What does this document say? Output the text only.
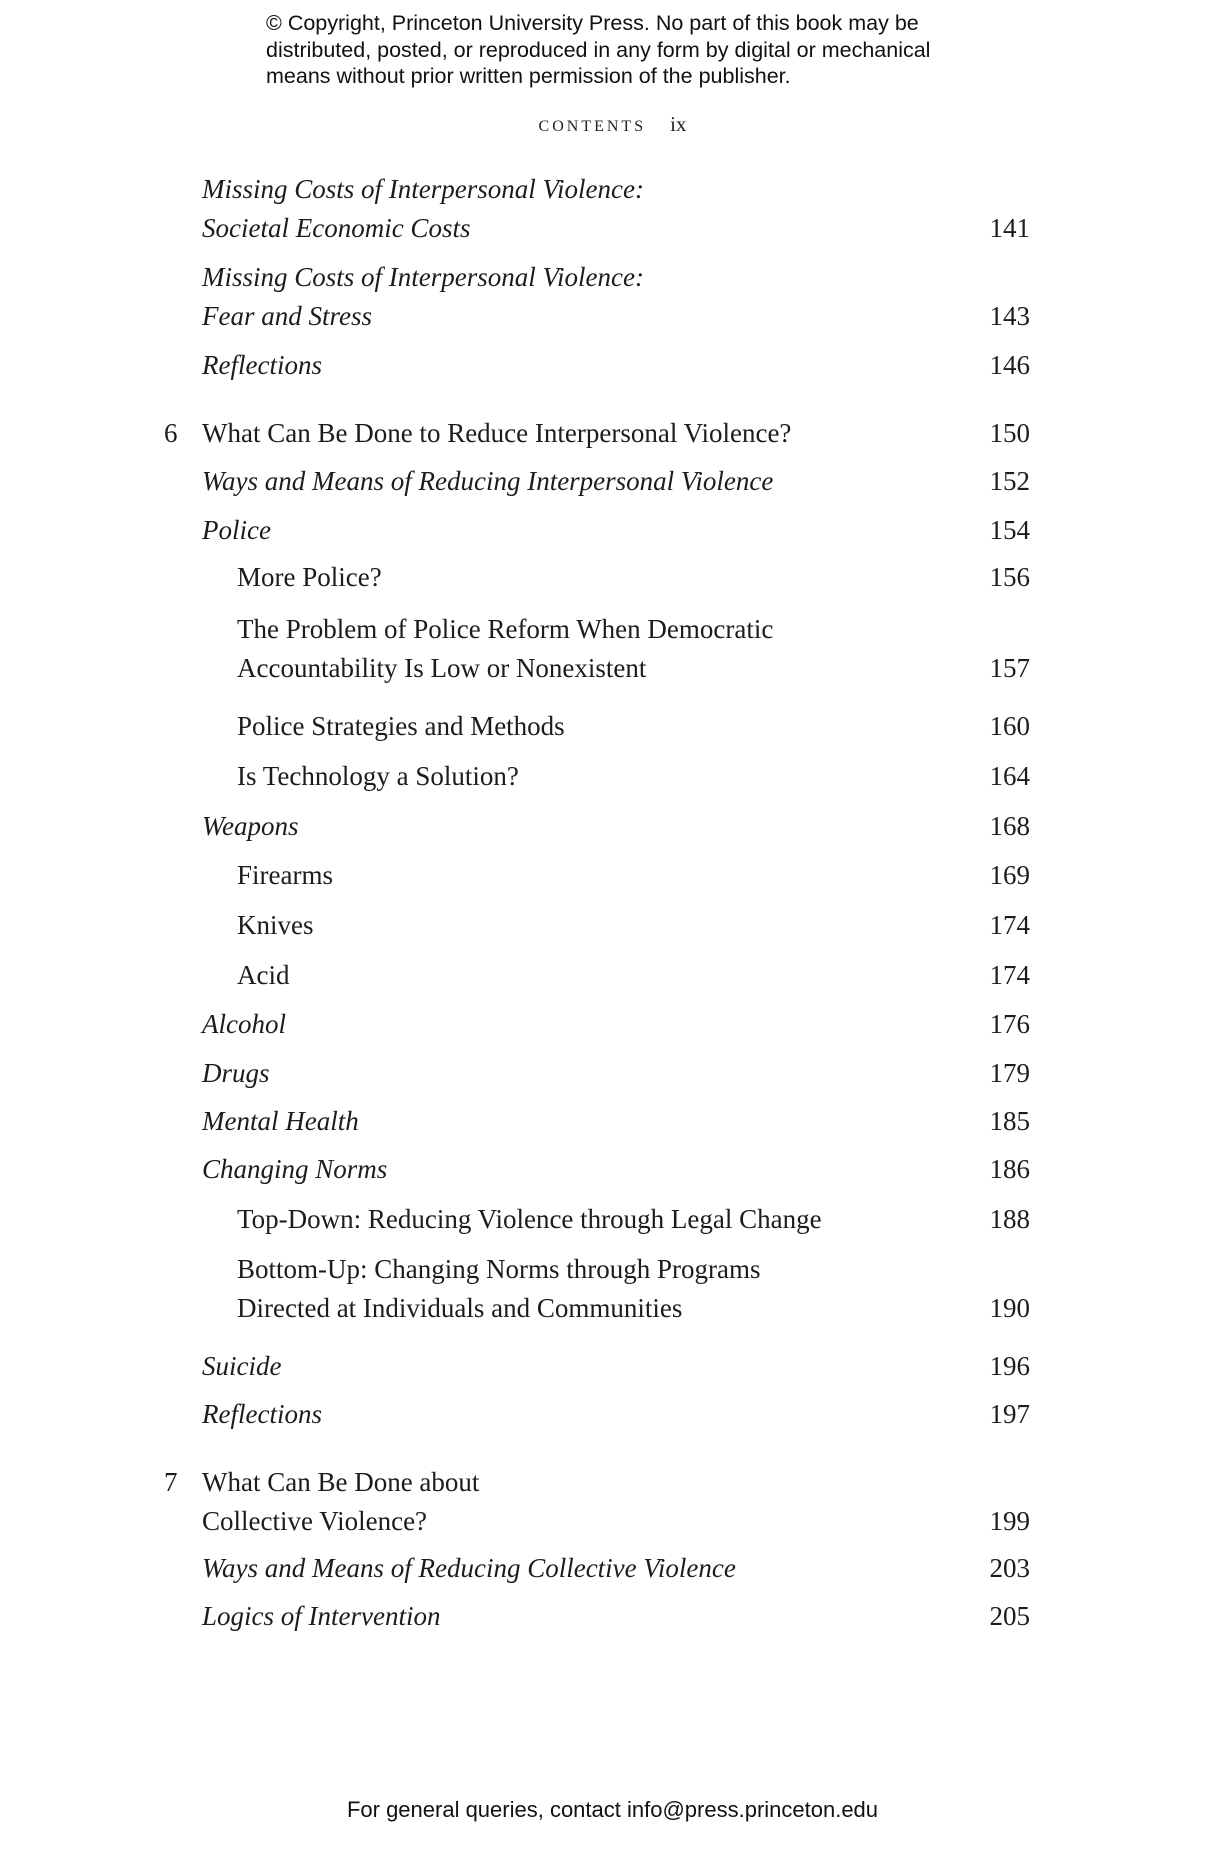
© Copyright, Princeton University Press. No part of this book may be
distributed, posted, or reproduced in any form by digital or mechanical
means without prior written permission of the publisher.
CONTENTS ix
Missing Costs of Interpersonal Violence:
Societal Economic Costs	141
Missing Costs of Interpersonal Violence:
Fear and Stress	143
Reflections	146
6 What Can Be Done to Reduce Interpersonal Violence?	150
Ways and Means of Reducing Interpersonal Violence	152
Police	154
More Police?	156
The Problem of Police Reform When Democratic
Accountability Is Low or Nonexistent	157
Police Strategies and Methods	160
Is Technology a Solution?	164
Weapons	168
Firearms	169
Knives	174
Acid	174
Alcohol	176
Drugs	179
Mental Health	185
Changing Norms	186
Top-Down: Reducing Violence through Legal Change	188
Bottom-Up: Changing Norms through Programs
Directed at Individuals and Communities	190
Suicide	196
Reflections	197
7 What Can Be Done about
Collective Violence?	199
Ways and Means of Reducing Collective Violence	203
Logics of Intervention	205
For general queries, contact info@press.princeton.edu
